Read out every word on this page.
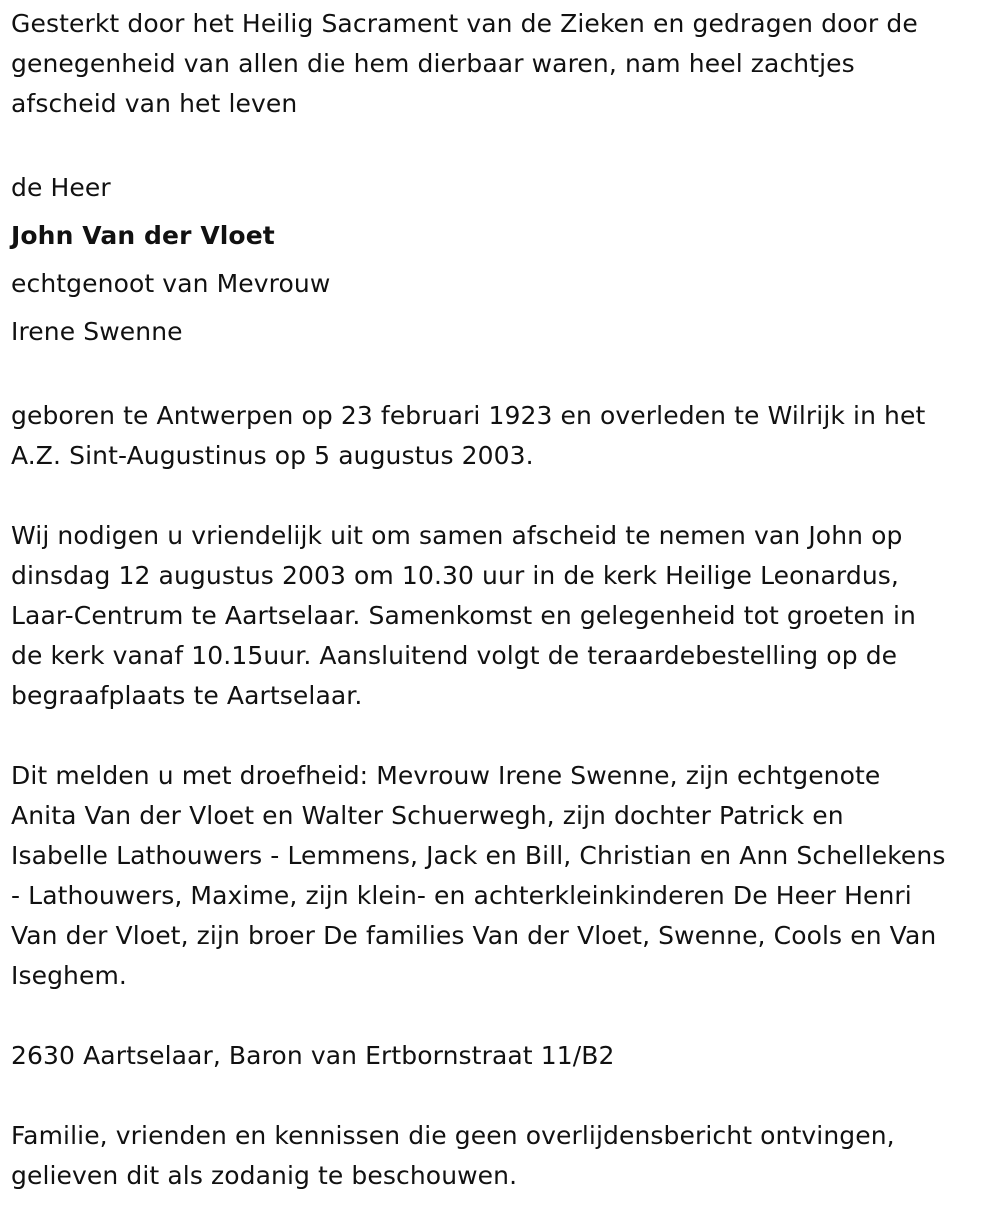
Gesterkt door het Heilig Sacrament van de Zieken en gedragen door de
genegenheid van allen die hem dierbaar waren, nam heel zachtjes
afscheid van het leven

de Heer

John Van der Vloet

echtgenoot van Mevrouw

Irene Swenne

geboren te Antwerpen op 23 februari 1923 en overleden te Wilrijk in het
A.Z. Sint-Augustinus op 5 augustus 2003.

Wij nodigen u vriendelijk uit om samen afscheid te nemen van John op
dinsdag 12 augustus 2003 om 10.30 uur in de kerk Heilige Leonardus,
Laar-Centrum te Aartselaar. Samenkomst en gelegenheid tot groeten in
de kerk vanaf 10.15uur. Aansluitend volgt de teraardebestelling op de
begraafplaats te Aartselaar.

Dit melden u met droefheid: Mevrouw Irene Swenne, zijn echtgenote
Anita Van der Vloet en Walter Schuerwegh, zijn dochter Patrick en
Isabelle Lathouwers - Lemmens, Jack en Bill, Christian en Ann Schellekens
- Lathouwers, Maxime, zijn klein- en achterkleinkinderen De Heer Henri
Van der Vloet, zijn broer De families Van der Vloet, Swenne, Cools en Van
Iseghem.

2630 Aartselaar, Baron van Ertbornstraat 11/B2

Familie, vrienden en kennissen die geen overlijdensbericht ontvingen,
gelieven dit als zodanig te beschouwen.
